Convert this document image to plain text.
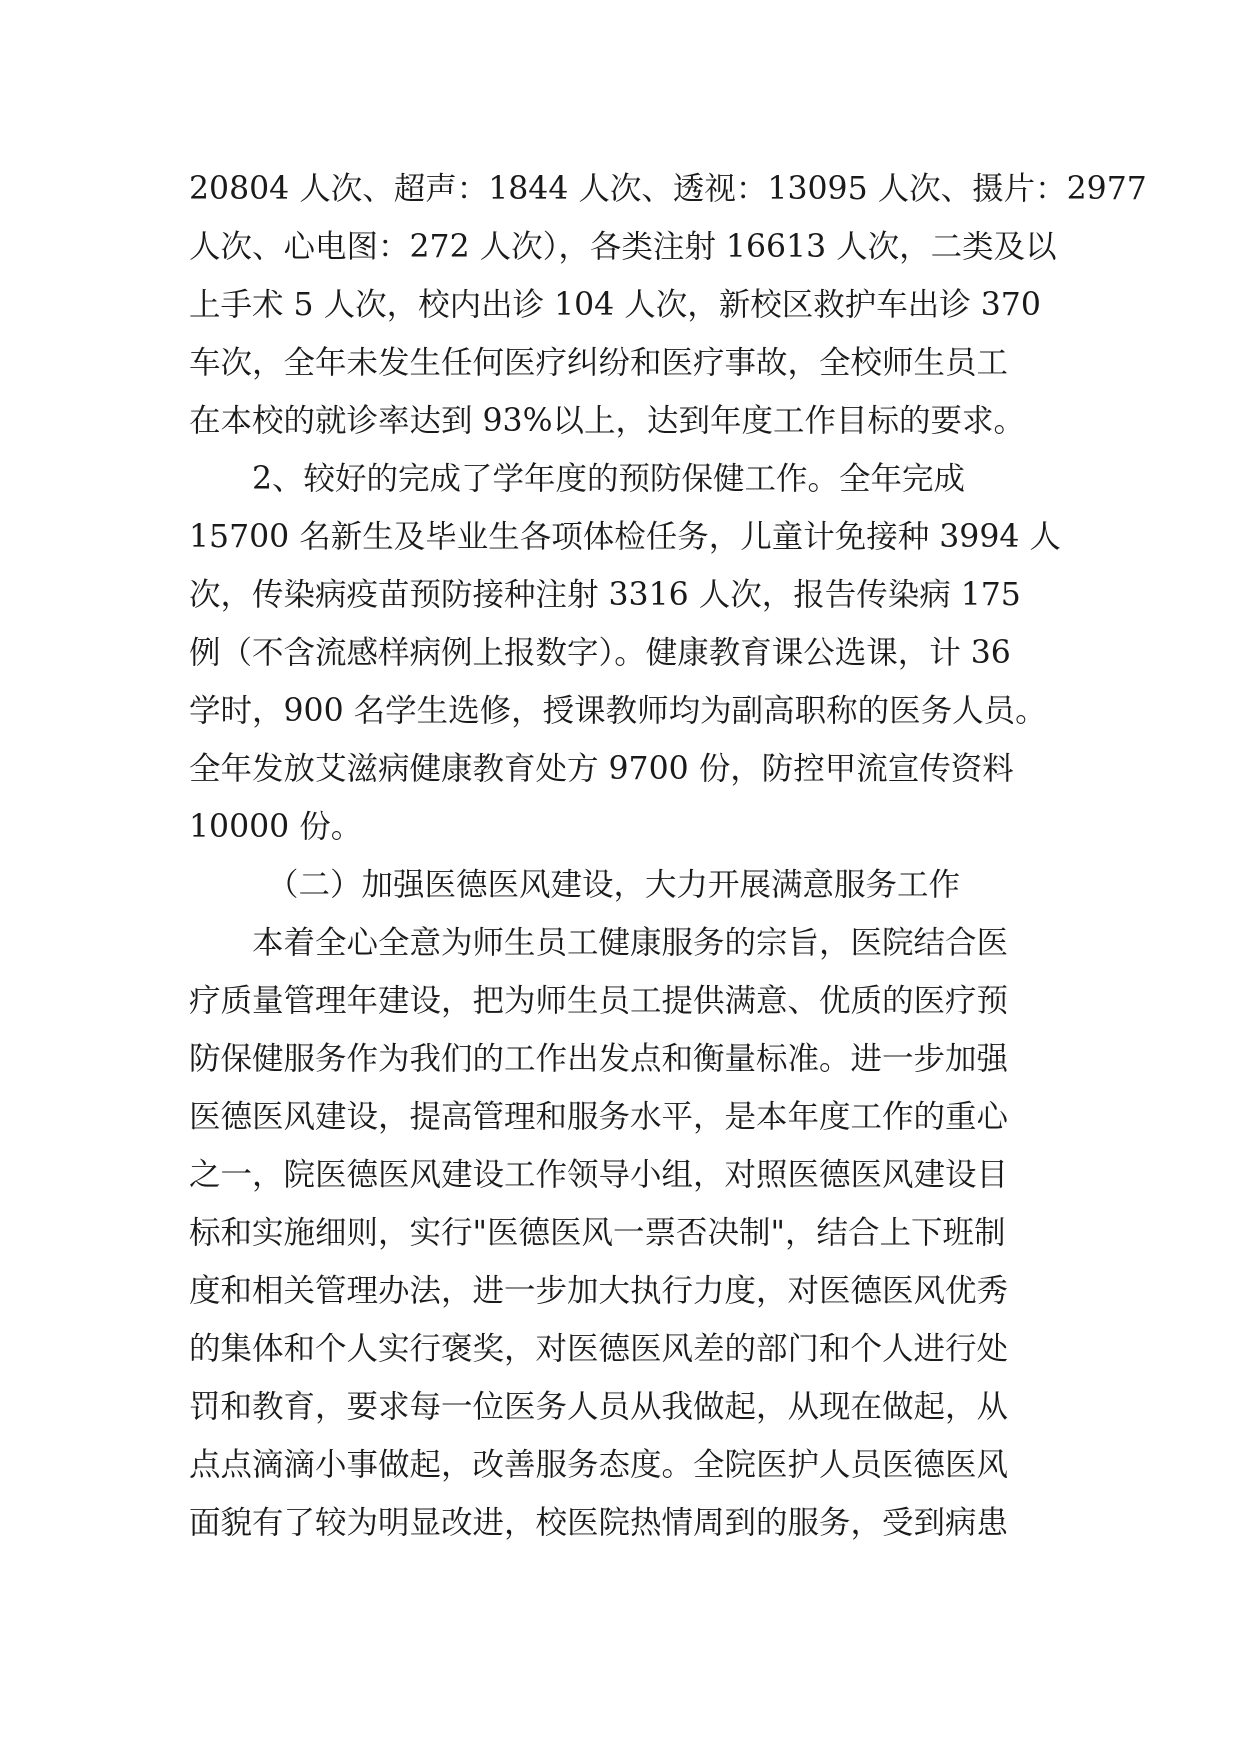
20804 人次、超声：1844 人次、透视：13095 人次、摄片：2977
人次、心电图：272 人次），各类注射 16613 人次，二类及以
上手术 5 人次，校内出诊 104 人次，新校区救护车出诊 370
车次，全年未发生任何医疗纠纷和医疗事故，全校师生员工
在本校的就诊率达到 93%以上，达到年度工作目标的要求。
2、较好的完成了学年度的预防保健工作。全年完成
15700 名新生及毕业生各项体检任务，儿童计免接种 3994 人
次，传染病疫苗预防接种注射 3316 人次，报告传染病 175
例（不含流感样病例上报数字）。健康教育课公选课，计 36
学时，900 名学生选修，授课教师均为副高职称的医务人员。
全年发放艾滋病健康教育处方 9700 份，防控甲流宣传资料
10000 份。
（二）加强医德医风建设，大力开展满意服务工作
本着全心全意为师生员工健康服务的宗旨，医院结合医
疗质量管理年建设，把为师生员工提供满意、优质的医疗预
防保健服务作为我们的工作出发点和衡量标准。进一步加强
医德医风建设，提高管理和服务水平，是本年度工作的重心
之一，院医德医风建设工作领导小组，对照医德医风建设目
标和实施细则，实行"医德医风一票否决制"，结合上下班制
度和相关管理办法，进一步加大执行力度，对医德医风优秀
的集体和个人实行褒奖，对医德医风差的部门和个人进行处
罚和教育，要求每一位医务人员从我做起，从现在做起，从
点点滴滴小事做起，改善服务态度。全院医护人员医德医风
面貌有了较为明显改进，校医院热情周到的服务，受到病患
